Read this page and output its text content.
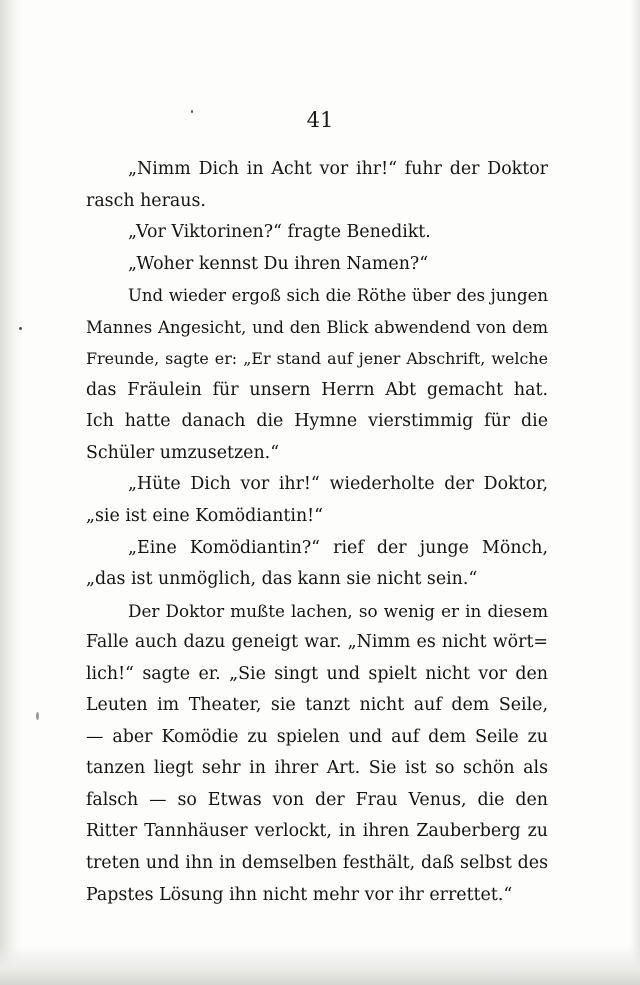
41
„Nimm Dich in Acht vor ihr!“ fuhr der Doktor
rasch heraus.
„Vor Viktorinen?“ fragte Benedikt.
„Woher kennst Du ihren Namen?“
Und wieder ergoß sich die Röthe über des jungen
Mannes Angesicht, und den Blick abwendend von dem
Freunde, sagte er: „Er stand auf jener Abschrift, welche
das Fräulein für unsern Herrn Abt gemacht hat.
Ich hatte danach die Hymne vierstimmig für die
Schüler umzusetzen.“
„Hüte Dich vor ihr!“ wiederholte der Doktor,
„sie ist eine Komödiantin!“
„Eine Komödiantin?“ rief der junge Mönch,
„das ist unmöglich, das kann sie nicht sein.“
Der Doktor mußte lachen, so wenig er in diesem
Falle auch dazu geneigt war. „Nimm es nicht wört=
lich!“ sagte er. „Sie singt und spielt nicht vor den
Leuten im Theater, sie tanzt nicht auf dem Seile,
— aber Komödie zu spielen und auf dem Seile zu
tanzen liegt sehr in ihrer Art. Sie ist so schön als
falsch — so Etwas von der Frau Venus, die den
Ritter Tannhäuser verlockt, in ihren Zauberberg zu
treten und ihn in demselben festhält, daß selbst des
Papstes Lösung ihn nicht mehr vor ihr errettet.“
